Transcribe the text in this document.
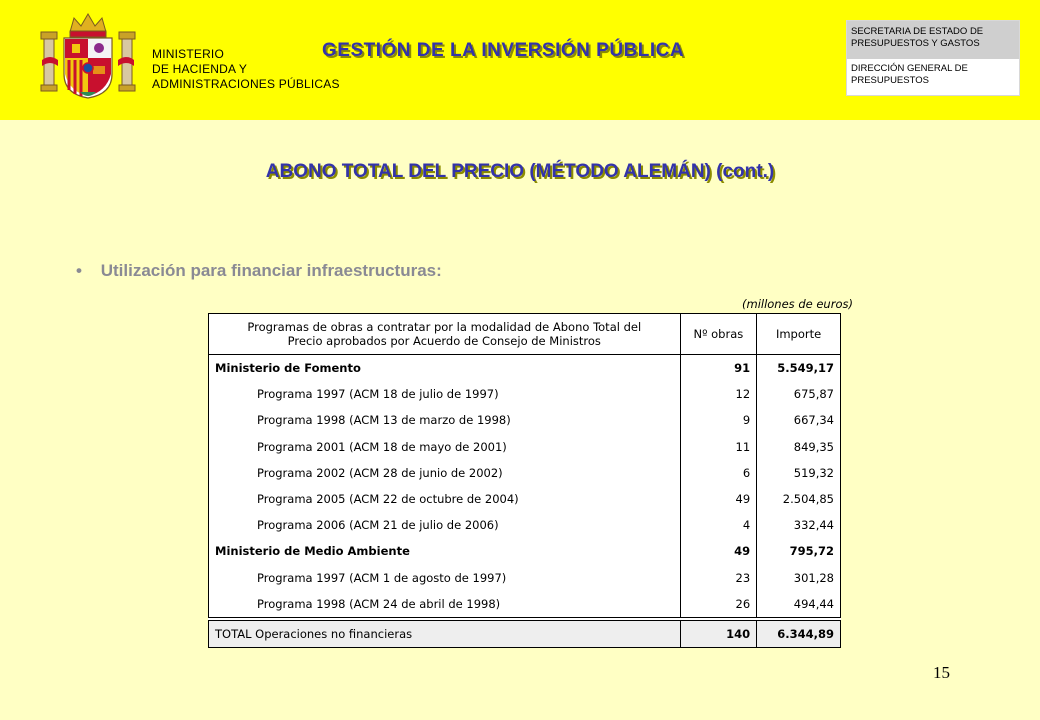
MINISTERIO
DE HACIENDA Y
ADMINISTRACIONES PÚBLICAS
GESTIÓN DE LA INVERSIÓN PÚBLICA
SECRETARIA DE ESTADO DE PRESUPUESTOS Y GASTOS
DIRECCIÓN GENERAL DE PRESUPUESTOS
ABONO TOTAL DEL PRECIO (MÉTODO ALEMÁN) (cont.)
• Utilización para financiar infraestructuras:
(millones de euros)
Programas de obras a contratar por la modalidad de Abono Total del
Precio aprobados por Acuerdo de Consejo de Ministros	Nº obras	Importe
Ministerio de Fomento	91	5.549,17
Programa 1997 (ACM 18 de julio de 1997)	12	675,87
Programa 1998 (ACM 13 de marzo de 1998)	9	667,34
Programa 2001 (ACM 18 de mayo de 2001)	11	849,35
Programa 2002 (ACM 28 de junio de 2002)	6	519,32
Programa 2005 (ACM 22 de octubre de 2004)	49	2.504,85
Programa 2006 (ACM 21 de julio de 2006)	4	332,44
Ministerio de Medio Ambiente	49	795,72
Programa 1997 (ACM 1 de agosto de 1997)	23	301,28
Programa 1998 (ACM 24 de abril de 1998)	26	494,44

TOTAL Operaciones no financieras	140	6.344,89
15
